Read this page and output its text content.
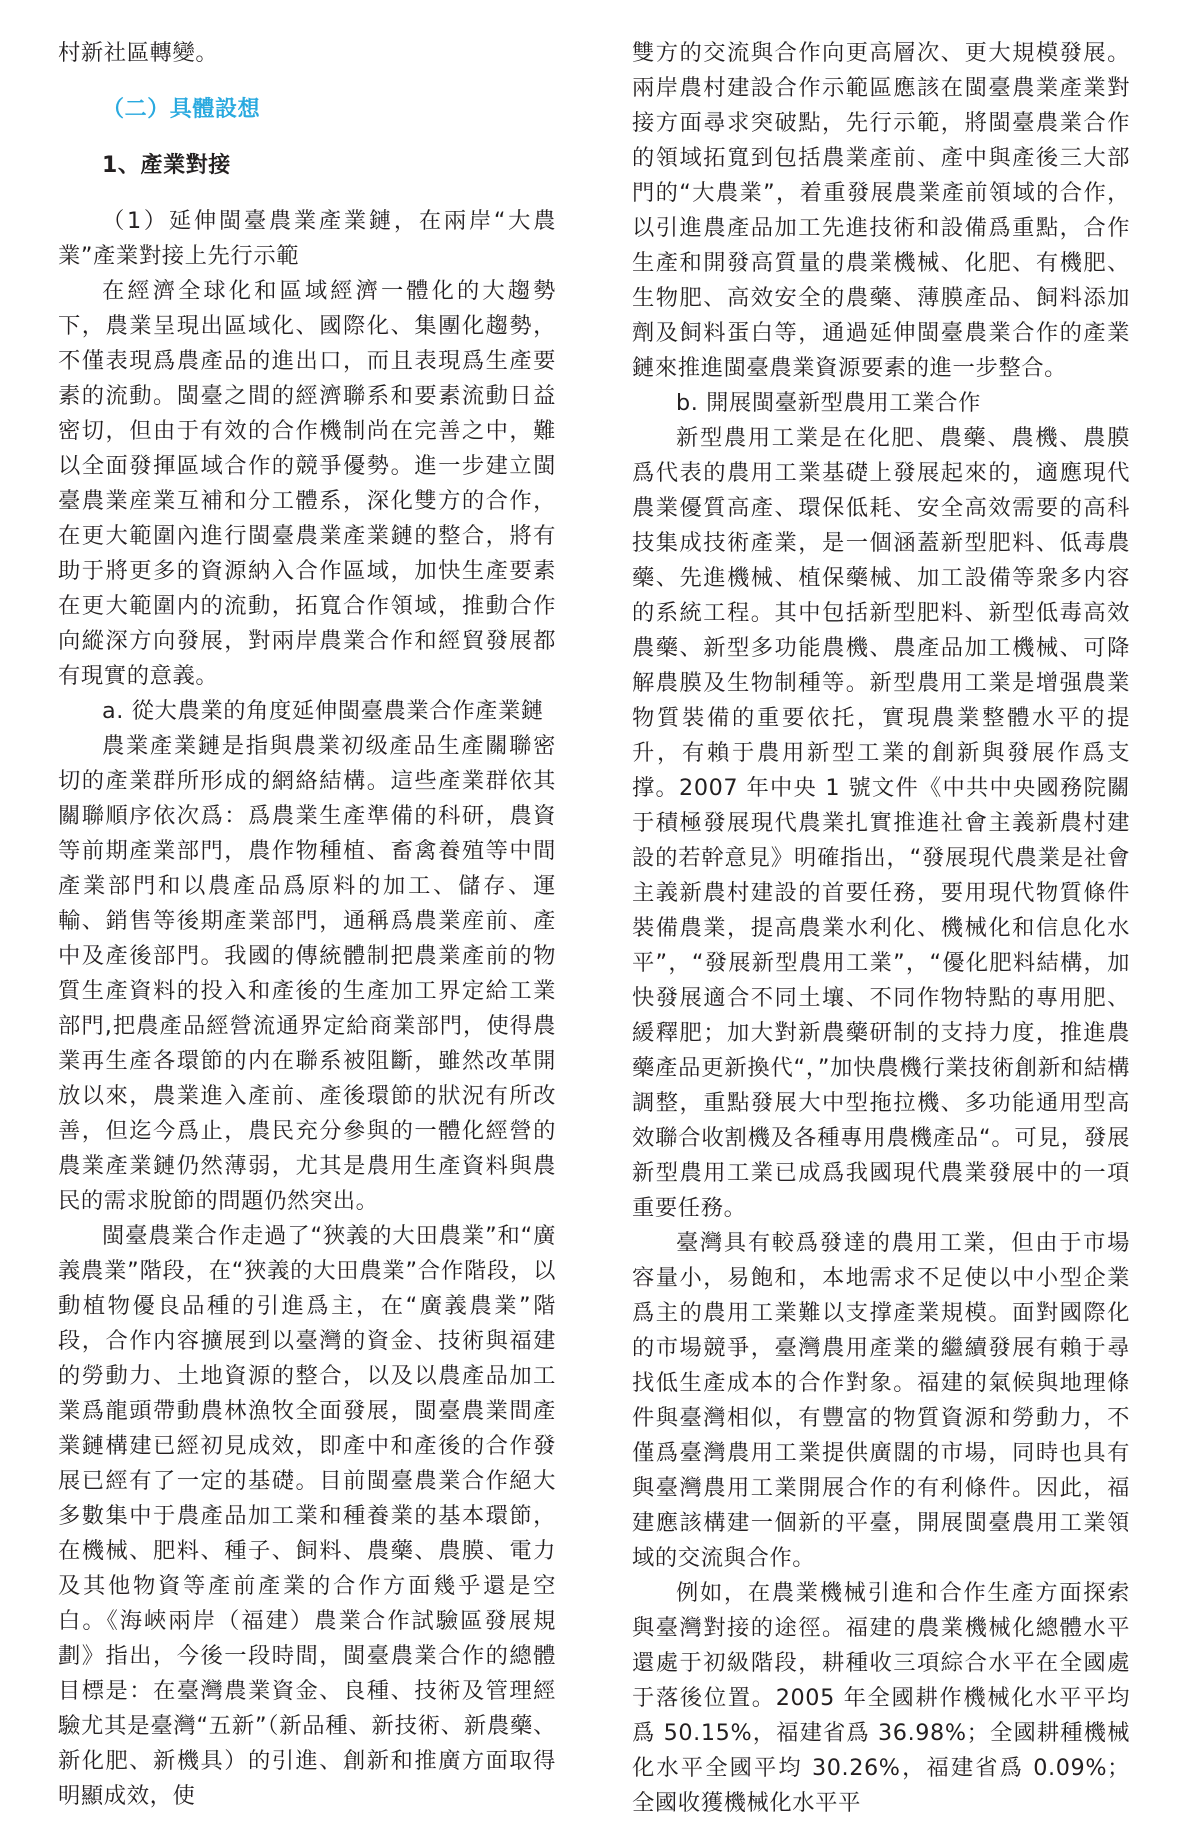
村新社區轉變。

（二）具體設想

1、產業對接

（1）延伸閩臺農業產業鏈，在兩岸“大農業”產業對接上先行示範

在經濟全球化和區域經濟一體化的大趨勢下，農業呈現出區域化、國際化、集團化趨勢，不僅表現爲農產品的進出口，而且表現爲生產要素的流動。閩臺之間的經濟聯系和要素流動日益密切，但由于有效的合作機制尚在完善之中，難以全面發揮區域合作的競爭優勢。進一步建立閩臺農業産業互補和分工體系，深化雙方的合作，在更大範圍內進行閩臺農業產業鏈的整合，將有助于將更多的資源納入合作區域，加快生產要素在更大範圍内的流動，拓寬合作領域，推動合作向縱深方向發展，對兩岸農業合作和經貿發展都有現實的意義。

a. 從大農業的角度延伸閩臺農業合作產業鏈

農業產業鏈是指與農業初级產品生產關聯密切的產業群所形成的網絡結構。這些產業群依其關聯順序依次爲：爲農業生產準備的科研，農資等前期產業部門，農作物種植、畜禽養殖等中間產業部門和以農產品爲原料的加工、儲存、運輸、銷售等後期產業部門，通稱爲農業産前、產中及產後部門。我國的傳統體制把農業產前的物質生產資料的投入和產後的生產加工界定給工業部門,把農產品經營流通界定給商業部門，使得農業再生產各環節的内在聯系被阻斷，雖然改革開放以來，農業進入產前、產後環節的狀況有所改善，但迄今爲止，農民充分參與的一體化經營的農業產業鏈仍然薄弱，尤其是農用生產資料與農民的需求脫節的問題仍然突出。

閩臺農業合作走過了“狹義的大田農業”和“廣義農業”階段，在“狹義的大田農業”合作階段，以動植物優良品種的引進爲主，在“廣義農業”階段，合作内容擴展到以臺灣的資金、技術與福建的勞動力、土地資源的整合，以及以農產品加工業爲龍頭帶動農林漁牧全面發展，閩臺農業間產業鏈構建已經初見成效，即產中和產後的合作發展已經有了一定的基礎。目前閩臺農業合作絕大多數集中于農產品加工業和種養業的基本環節，在機械、肥料、種子、飼料、農藥、農膜、電力及其他物資等產前產業的合作方面幾乎還是空白。《海峽兩岸（福建）農業合作試驗區發展規劃》指出，今後一段時間，閩臺農業合作的總體目標是：在臺灣農業資金、良種、技術及管理經驗尤其是臺灣“五新”（新品種、新技術、新農藥、新化肥、新機具）的引進、創新和推廣方面取得明顯成效，使

雙方的交流與合作向更高層次、更大規模發展。兩岸農村建設合作示範區應該在閩臺農業產業對接方面尋求突破點，先行示範，將閩臺農業合作的領域拓寬到包括農業產前、產中與產後三大部門的“大農業”，着重發展農業產前領域的合作，以引進農產品加工先進技術和設備爲重點，合作生產和開發高質量的農業機械、化肥、有機肥、生物肥、高效安全的農藥、薄膜產品、飼料添加劑及飼料蛋白等，通過延伸閩臺農業合作的產業鏈來推進閩臺農業資源要素的進一步整合。

b. 開展閩臺新型農用工業合作

新型農用工業是在化肥、農藥、農機、農膜爲代表的農用工業基礎上發展起來的，適應現代農業優質高產、環保低耗、安全高效需要的高科技集成技術產業，是一個涵蓋新型肥料、低毒農藥、先進機械、植保藥械、加工設備等衆多内容的系統工程。其中包括新型肥料、新型低毒高效農藥、新型多功能農機、農產品加工機械、可降解農膜及生物制種等。新型農用工業是增强農業物質裝備的重要依托，實現農業整體水平的提升，有賴于農用新型工業的創新與發展作爲支撑。2007 年中央 1 號文件《中共中央國務院關于積極發展現代農業扎實推進社會主義新農村建設的若幹意見》明確指出，“發展現代農業是社會主義新農村建設的首要任務，要用現代物質條件裝備農業，提高農業水利化、機械化和信息化水平”，“發展新型農用工業”，“優化肥料結構，加快發展適合不同土壤、不同作物特點的專用肥、緩釋肥；加大對新農藥研制的支持力度，推進農藥產品更新換代“，”加快農機行業技術創新和結構調整，重點發展大中型拖拉機、多功能通用型高效聯合收割機及各種專用農機產品“。可見，發展新型農用工業已成爲我國現代農業發展中的一項重要任務。

臺灣具有較爲發達的農用工業，但由于市場容量小，易飽和，本地需求不足使以中小型企業爲主的農用工業難以支撑產業規模。面對國際化的市場競爭，臺灣農用產業的繼續發展有賴于尋找低生產成本的合作對象。福建的氣候與地理條件與臺灣相似，有豐富的物質資源和勞動力，不僅爲臺灣農用工業提供廣闊的市場，同時也具有與臺灣農用工業開展合作的有利條件。因此，福建應該構建一個新的平臺，開展閩臺農用工業領域的交流與合作。

例如，在農業機械引進和合作生產方面探索與臺灣對接的途徑。福建的農業機械化總體水平還處于初級階段，耕種收三項綜合水平在全國處于落後位置。2005 年全國耕作機械化水平平均爲 50.15%，福建省爲 36.98%；全國耕種機械化水平全國平均 30.26%，福建省爲 0.09%；全國收獲機械化水平平
